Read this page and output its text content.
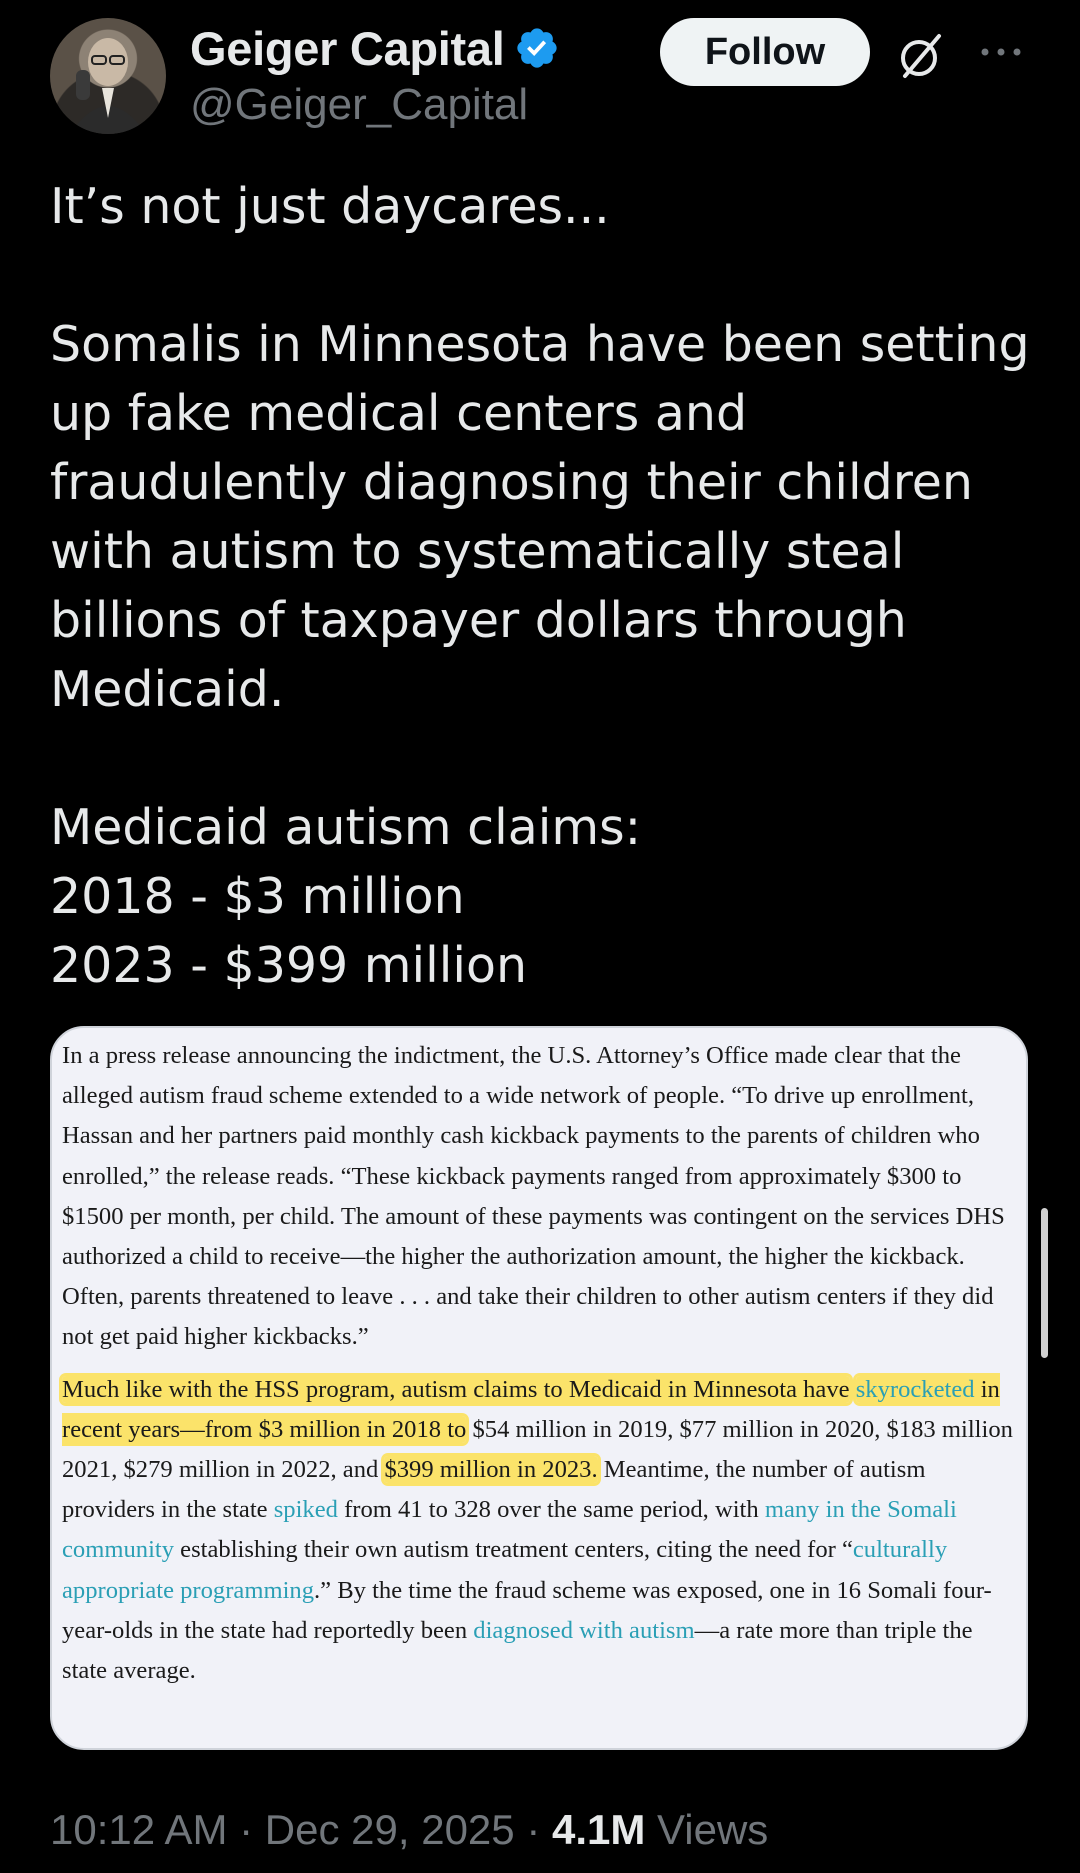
Geiger Capital
@Geiger_Capital
Follow

It’s not just daycares...

Somalis in Minnesota have been setting up fake medical centers and fraudulently diagnosing their children with autism to systematically steal billions of taxpayer dollars through Medicaid.

Medicaid autism claims:

2018 - $3 million

2023 - $399 million

In a press release announcing the indictment, the U.S. Attorney’s Office made clear that the alleged autism fraud scheme extended to a wide network of people. “To drive up enrollment, Hassan and her partners paid monthly cash kickback payments to the parents of children who enrolled,” the release reads. “These kickback payments ranged from approximately $300 to $1500 per month, per child. The amount of these payments was contingent on the services DHS authorized a child to receive—the higher the authorization amount, the higher the kickback. Often, parents threatened to leave . . . and take their children to other autism centers if they did not get paid higher kickbacks.”

Much like with the HSS program, autism claims to Medicaid in Minnesota have skyrocketed in recent years—from $3 million in 2018 to $54 million in 2019, $77 million in 2020, $183 million 2021, $279 million in 2022, and $399 million in 2023. Meantime, the number of autism providers in the state spiked from 41 to 328 over the same period, with many in the Somali community establishing their own autism treatment centers, citing the need for “culturally appropriate programming.” By the time the fraud scheme was exposed, one in 16 Somali four-year-olds in the state had reportedly been diagnosed with autism—a rate more than triple the state average.

10:12 AM · Dec 29, 2025 · 4.1M Views
